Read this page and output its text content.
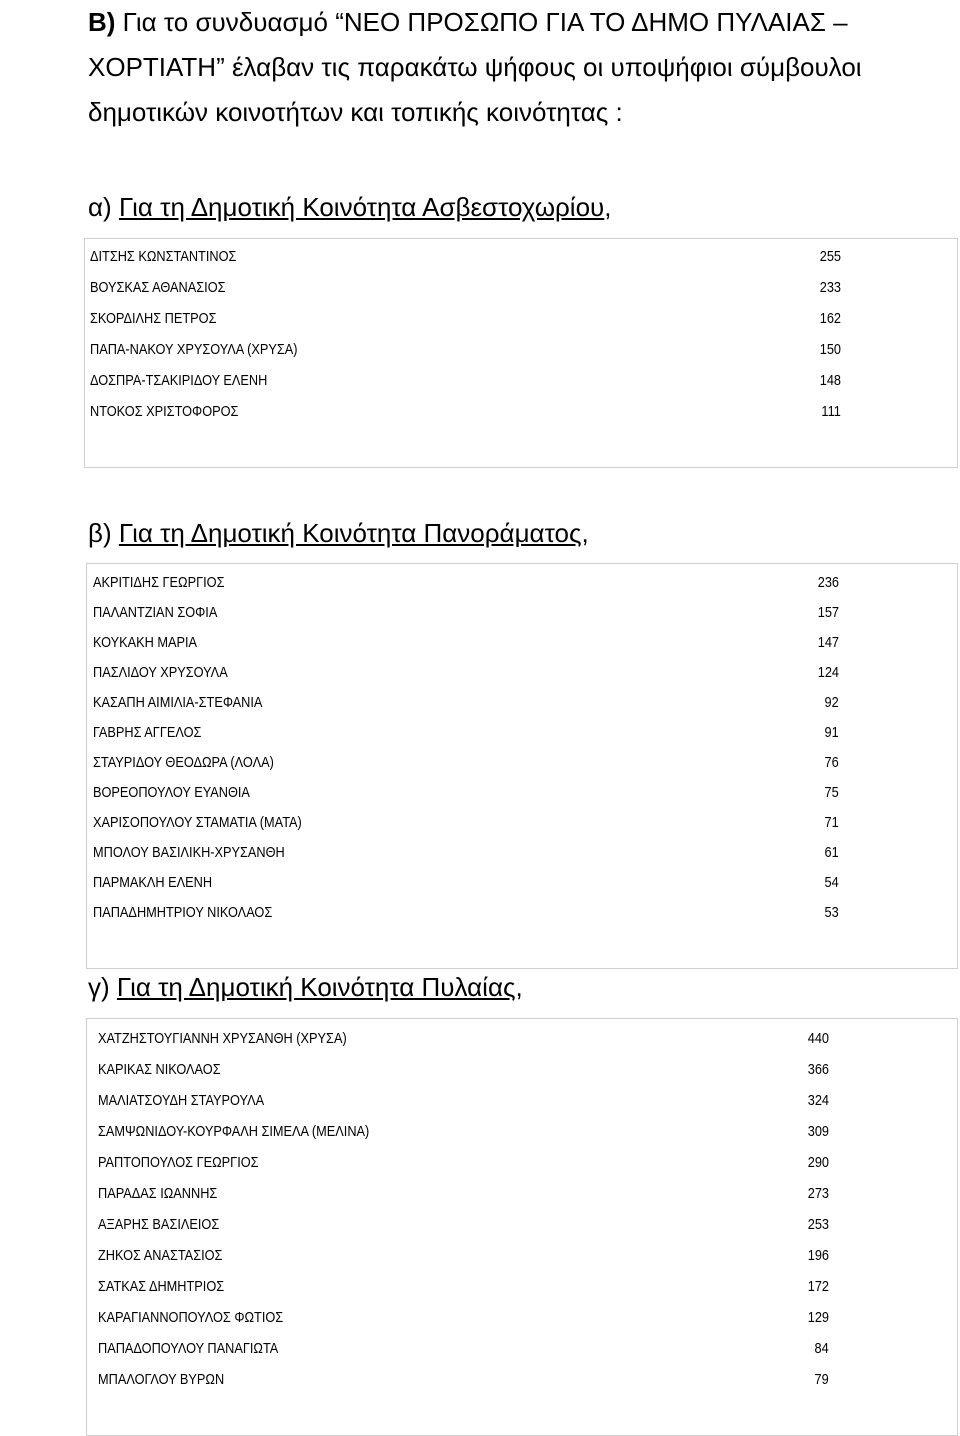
Β) Για το συνδυασμό “ΝΕΟ ΠΡΟΣΩΠΟ ΓΙΑ ΤΟ ΔΗΜΟ ΠΥΛΑΙΑΣ – ΧΟΡΤΙΑΤΗ” έλαβαν τις παρακάτω ψήφους οι υποψήφιοι σύμβουλοι δημοτικών κοινοτήτων και τοπικής κοινότητας :

α) Για τη Δημοτική Κοινότητα Ασβεστοχωρίου,
ΔΙΤΣΗΣ ΚΩΝΣΤΑΝΤΙΝΟΣ	255
ΒΟΥΣΚΑΣ ΑΘΑΝΑΣΙΟΣ	233
ΣΚΟΡΔΙΛΗΣ ΠΕΤΡΟΣ	162
ΠΑΠΑ-ΝΑΚΟΥ ΧΡΥΣΟΥΛΑ (ΧΡΥΣΑ)	150
ΔΟΣΠΡΑ-ΤΣΑΚΙΡΙΔΟΥ ΕΛΕΝΗ	148
ΝΤΟΚΟΣ ΧΡΙΣΤΟΦΟΡΟΣ	111
β) Για τη Δημοτική Κοινότητα Πανοράματος,
ΑΚΡΙΤΙΔΗΣ ΓΕΩΡΓΙΟΣ	236
ΠΑΛΑΝΤΖΙΑΝ ΣΟΦΙΑ	157
ΚΟΥΚΑΚΗ ΜΑΡΙΑ	147
ΠΑΣΛΙΔΟΥ ΧΡΥΣΟΥΛΑ	124
ΚΑΣΑΠΗ ΑΙΜΙΛΙΑ-ΣΤΕΦΑΝΙΑ	92
ΓΑΒΡΗΣ ΑΓΓΕΛΟΣ	91
ΣΤΑΥΡΙΔΟΥ ΘΕΟΔΩΡΑ (ΛΟΛΑ)	76
ΒΟΡΕΟΠΟΥΛΟΥ ΕΥΑΝΘΙΑ	75
ΧΑΡΙΣΟΠΟΥΛΟΥ ΣΤΑΜΑΤΙΑ (ΜΑΤΑ)	71
ΜΠΟΛΟΥ ΒΑΣΙΛΙΚΗ-ΧΡΥΣΑΝΘΗ	61
ΠΑΡΜΑΚΛΗ ΕΛΕΝΗ	54
ΠΑΠΑΔΗΜΗΤΡΙΟΥ ΝΙΚΟΛΑΟΣ	53
γ) Για τη Δημοτική Κοινότητα Πυλαίας,
ΧΑΤΖΗΣΤΟΥΓΙΑΝΝΗ ΧΡΥΣΑΝΘΗ (ΧΡΥΣΑ)	440
ΚΑΡΙΚΑΣ ΝΙΚΟΛΑΟΣ	366
ΜΑΛΙΑΤΣΟΥΔΗ ΣΤΑΥΡΟΥΛΑ	324
ΣΑΜΨΩΝΙΔΟΥ-ΚΟΥΡΦΑΛΗ ΣΙΜΕΛΑ (ΜΕΛΙΝΑ)	309
ΡΑΠΤΟΠΟΥΛΟΣ ΓΕΩΡΓΙΟΣ	290
ΠΑΡΑΔΑΣ ΙΩΑΝΝΗΣ	273
ΑΞΑΡΗΣ ΒΑΣΙΛΕΙΟΣ	253
ΖΗΚΟΣ ΑΝΑΣΤΑΣΙΟΣ	196
ΣΑΤΚΑΣ ΔΗΜΗΤΡΙΟΣ	172
ΚΑΡΑΓΙΑΝΝΟΠΟΥΛΟΣ ΦΩΤΙΟΣ	129
ΠΑΠΑΔΟΠΟΥΛΟΥ ΠΑΝΑΓΙΩΤΑ	84
ΜΠΑΛΟΓΛΟΥ ΒΥΡΩΝ	79
